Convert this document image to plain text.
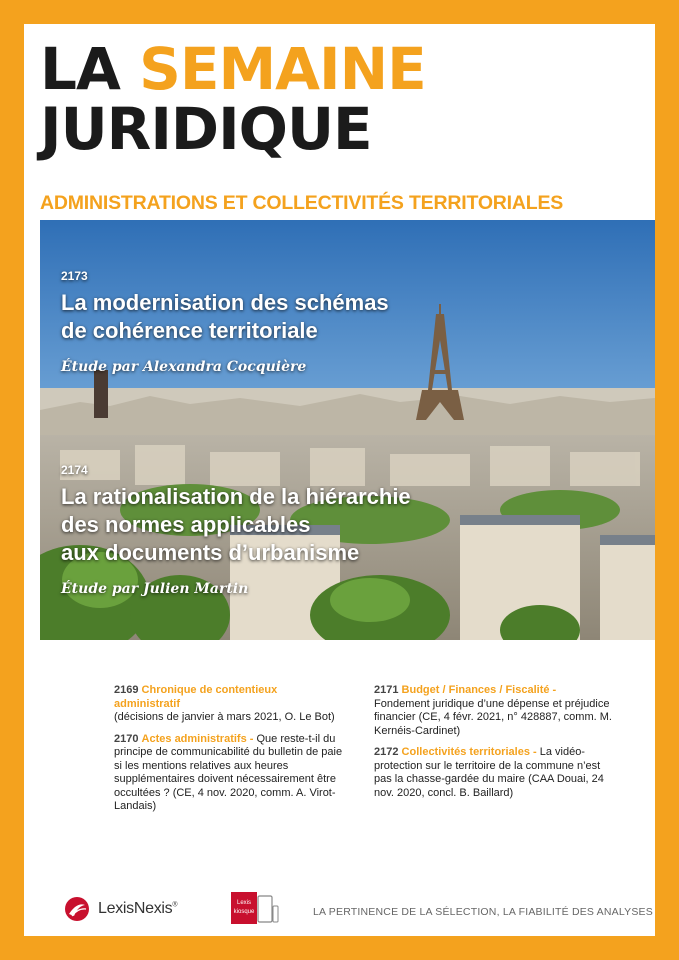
LA SEMAINE
JURIDIQUE
ADMINISTRATIONS ET COLLECTIVITÉS TERRITORIALES
2173
La modernisation des schémas
de cohérence territoriale
Étude par Alexandra Cocquière
2174
La rationalisation de la hiérarchie
des normes applicables
aux documents d’urbanisme
Étude par Julien Martin
2169 Chronique de contentieux administratif
(décisions de janvier à mars 2021, O. Le Bot)
2170 Actes administratifs - Que reste-t-il du principe de communicabilité du bulletin de paie si les mentions relatives aux heures supplémentaires doivent nécessairement être occultées ? (CE, 4 nov. 2020, comm. A. Virot-Landais)
2171 Budget / Finances / Fiscalité -
Fondement juridique d’une dépense et préjudice financier (CE, 4 févr. 2021, n° 428887, comm. M. Kernéis-Cardinet)
2172 Collectivités territoriales - La vidéo-protection sur le territoire de la commune n’est pas la chasse-gardée du maire (CAA Douai, 24 nov. 2020, concl. B. Baillard)
LexisNexis®	Lexis
kiosque	LA PERTINENCE DE LA SÉLECTION, LA FIABILITÉ DES ANALYSES
